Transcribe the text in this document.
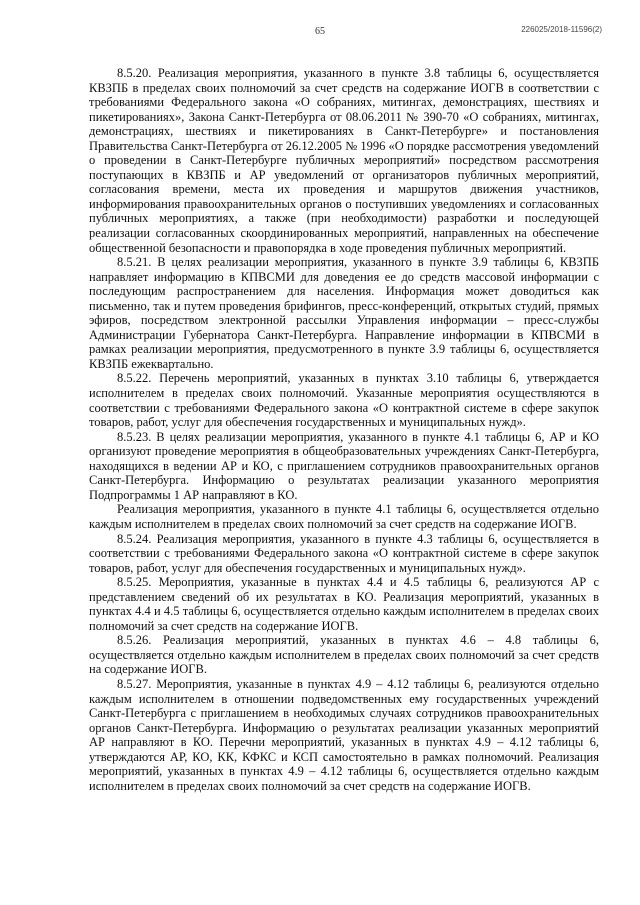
65	226025/2018-11596(2)

8.5.20. Реализация мероприятия, указанного в пункте 3.8 таблицы 6, осуществляется КВЗПБ в пределах своих полномочий за счет средств на содержание ИОГВ в соответствии с требованиями Федерального закона «О собраниях, митингах, демонстрациях, шествиях и пикетированиях», Закона Санкт-Петербурга от 08.06.2011 № 390-70 «О собраниях, митингах, демонстрациях, шествиях и пикетированиях в Санкт-Петербурге» и постановления Правительства Санкт-Петербурга от 26.12.2005 № 1996 «О порядке рассмотрения уведомлений о проведении в Санкт-Петербурге публичных мероприятий» посредством рассмотрения поступающих в КВЗПБ и АР уведомлений от организаторов публичных мероприятий, согласования времени, места их проведения и маршрутов движения участников, информирования правоохранительных органов о поступивших уведомлениях и согласованных публичных мероприятиях, а также (при необходимости) разработки и последующей реализации согласованных скоординированных мероприятий, направленных на обеспечение общественной безопасности и правопорядка в ходе проведения публичных мероприятий.

8.5.21. В целях реализации мероприятия, указанного в пункте 3.9 таблицы 6, КВЗПБ направляет информацию в КПВСМИ для доведения ее до средств массовой информации с последующим распространением для населения. Информация может доводиться как письменно, так и путем проведения брифингов, пресс-конференций, открытых студий, прямых эфиров, посредством электронной рассылки Управления информации – пресс-службы Администрации Губернатора Санкт-Петербурга. Направление информации в КПВСМИ в рамках реализации мероприятия, предусмотренного в пункте 3.9 таблицы 6, осуществляется КВЗПБ ежеквартально.

8.5.22. Перечень мероприятий, указанных в пунктах 3.10 таблицы 6, утверждается исполнителем в пределах своих полномочий. Указанные мероприятия осуществляются в соответствии с требованиями Федерального закона «О контрактной системе в сфере закупок товаров, работ, услуг для обеспечения государственных и муниципальных нужд».

8.5.23. В целях реализации мероприятия, указанного в пункте 4.1 таблицы 6, АР и КО организуют проведение мероприятия в общеобразовательных учреждениях Санкт-Петербурга, находящихся в ведении АР и КО, с приглашением сотрудников правоохранительных органов Санкт-Петербурга. Информацию о результатах реализации указанного мероприятия Подпрограммы 1 АР направляют в КО.

Реализация мероприятия, указанного в пункте 4.1 таблицы 6, осуществляется отдельно каждым исполнителем в пределах своих полномочий за счет средств на содержание ИОГВ.

8.5.24. Реализация мероприятия, указанного в пункте 4.3 таблицы 6, осуществляется в соответствии с требованиями Федерального закона «О контрактной системе в сфере закупок товаров, работ, услуг для обеспечения государственных и муниципальных нужд».

8.5.25. Мероприятия, указанные в пунктах 4.4 и 4.5 таблицы 6, реализуются АР с представлением сведений об их результатах в КО. Реализация мероприятий, указанных в пунктах 4.4 и 4.5 таблицы 6, осуществляется отдельно каждым исполнителем в пределах своих полномочий за счет средств на содержание ИОГВ.

8.5.26. Реализация мероприятий, указанных в пунктах 4.6 – 4.8 таблицы 6, осуществляется отдельно каждым исполнителем в пределах своих полномочий за счет средств на содержание ИОГВ.

8.5.27. Мероприятия, указанные в пунктах 4.9 – 4.12 таблицы 6, реализуются отдельно каждым исполнителем в отношении подведомственных ему государственных учреждений Санкт-Петербурга с приглашением в необходимых случаях сотрудников правоохранительных органов Санкт-Петербурга. Информацию о результатах реализации указанных мероприятий АР направляют в КО. Перечни мероприятий, указанных в пунктах 4.9 – 4.12 таблицы 6, утверждаются АР, КО, КК, КФКС и КСП самостоятельно в рамках полномочий. Реализация мероприятий, указанных в пунктах 4.9 – 4.12 таблицы 6, осуществляется отдельно каждым исполнителем в пределах своих полномочий за счет средств на содержание ИОГВ.
